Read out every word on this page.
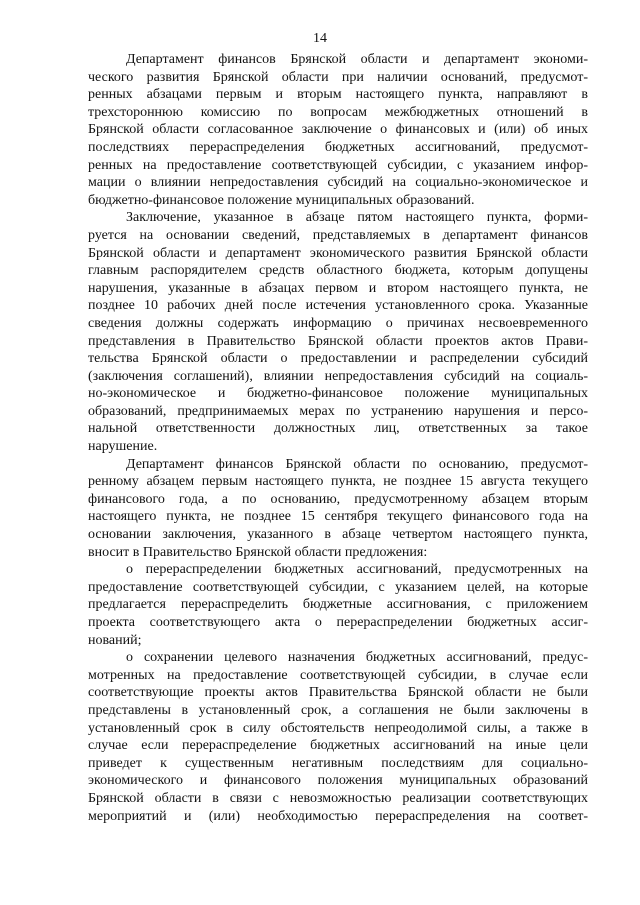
14
Департамент финансов Брянской области и департамент экономи-
ческого развития Брянской области при наличии оснований, предусмот-
ренных абзацами первым и вторым настоящего пункта, направляют в
трехстороннюю комиссию по вопросам межбюджетных отношений в
Брянской области согласованное заключение о финансовых и (или) об иных
последствиях перераспределения бюджетных ассигнований, предусмот-
ренных на предоставление соответствующей субсидии, с указанием инфор-
мации о влиянии непредоставления субсидий на социально-экономическое и
бюджетно-финансовое положение муниципальных образований.
Заключение, указанное в абзаце пятом настоящего пункта, форми-
руется на основании сведений, представляемых в департамент финансов
Брянской области и департамент экономического развития Брянской области
главным распорядителем средств областного бюджета, которым допущены
нарушения, указанные в абзацах первом и втором настоящего пункта, не
позднее 10 рабочих дней после истечения установленного срока. Указанные
сведения должны содержать информацию о причинах несвоевременного
представления в Правительство Брянской области проектов актов Прави-
тельства Брянской области о предоставлении и распределении субсидий
(заключения соглашений), влиянии непредоставления субсидий на социаль-
но-экономическое и бюджетно-финансовое положение муниципальных
образований, предпринимаемых мерах по устранению нарушения и персо-
нальной ответственности должностных лиц, ответственных за такое
нарушение.
Департамент финансов Брянской области по основанию, предусмот-
ренному абзацем первым настоящего пункта, не позднее 15 августа текущего
финансового года, а по основанию, предусмотренному абзацем вторым
настоящего пункта, не позднее 15 сентября текущего финансового года на
основании заключения, указанного в абзаце четвертом настоящего пункта,
вносит в Правительство Брянской области предложения:
о перераспределении бюджетных ассигнований, предусмотренных на
предоставление соответствующей субсидии, с указанием целей, на которые
предлагается перераспределить бюджетные ассигнования, с приложением
проекта соответствующего акта о перераспределении бюджетных ассиг-
нований;
о сохранении целевого назначения бюджетных ассигнований, предус-
мотренных на предоставление соответствующей субсидии, в случае если
соответствующие проекты актов Правительства Брянской области не были
представлены в установленный срок, а соглашения не были заключены в
установленный срок в силу обстоятельств непреодолимой силы, а также в
случае если перераспределение бюджетных ассигнований на иные цели
приведет к существенным негативным последствиям для социально-
экономического и финансового положения муниципальных образований
Брянской области в связи с невозможностью реализации соответствующих
мероприятий и (или) необходимостью перераспределения на соответ-
